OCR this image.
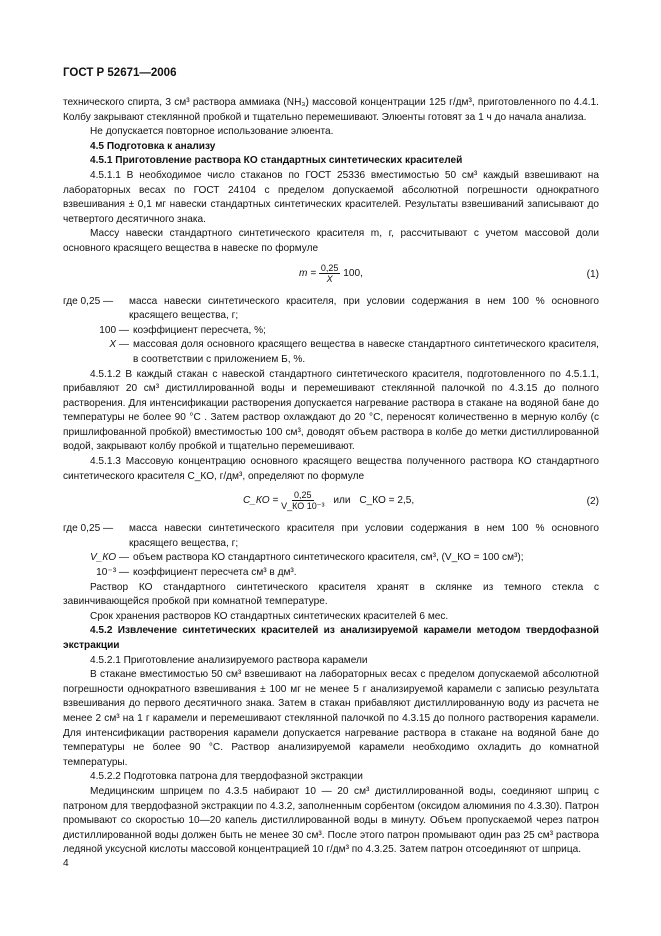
ГОСТ Р 52671—2006

технического спирта, 3 см³ раствора аммиака (NH₃) массовой концентрации 125 г/дм³, приготовленного по 4.4.1. Колбу закрывают стеклянной пробкой и тщательно перемешивают. Элюенты готовят за 1 ч до начала анализа.

Не допускается повторное использование элюента.

4.5 Подготовка к анализу

4.5.1 Приготовление раствора КО стандартных синтетических красителей

4.5.1.1 В необходимое число стаканов по ГОСТ 25336 вместимостью 50 см³ каждый взвешивают на лабораторных весах по ГОСТ 24104 с пределом допускаемой абсолютной погрешности однократного взвешивания ± 0,1 мг навески стандартных синтетических красителей. Результаты взвешиваний записывают до четвертого десятичного знака.

Массу навески стандартного синтетического красителя m, г, рассчитывают с учетом массовой доли основного красящего вещества в навеске по формуле

$m = \frac{0,25}{X} 100$,	(1)
где 0,25 —	масса навески синтетического красителя, при условии содержания в нем 100 % основного красящего вещества, г;
100 — коэффициент пересчета, %;
X — массовая доля основного красящего вещества в навеске стандартного синтетического красителя, в соответствии с приложением Б, %.

4.5.1.2 В каждый стакан с навеской стандартного синтетического красителя, подготовленного по 4.5.1.1, прибавляют 20 см³ дистиллированной воды и перемешивают стеклянной палочкой по 4.3.15 до полного растворения. Для интенсификации растворения допускается нагревание раствора в стакане на водяной бане до температуры не более 90 °С . Затем раствор охлаждают до 20 °С, переносят количественно в мерную колбу (с пришлифованной пробкой) вместимостью 100 см³, доводят объем раствора в колбе до метки дистиллированной водой, закрывают колбу пробкой и тщательно перемешивают.

4.5.1.3 Массовую концентрацию основного красящего вещества полученного раствора КО стандартного синтетического красителя C_КО, г/дм³, определяют по формуле

C_КО = $\frac{0,25}{\text{V\_КО 10⁻³}}$ или C_КО = 2,5,	(2)
где 0,25 —	масса навески синтетического красителя при условии содержания в нем 100 % основного красящего вещества, г;
V_КО — объем раствора КО стандартного синтетического красителя, см³, (V_КО = 100 см³);
10⁻³ — коэффициент пересчета см³ в дм³.

Раствор КО стандартного синтетического красителя хранят в склянке из темного стекла с завинчивающейся пробкой при комнатной температуре.

Срок хранения растворов КО стандартных синтетических красителей 6 мес.

4.5.2 Извлечение синтетических красителей из анализируемой карамели методом твердофазной экстракции

4.5.2.1 Приготовление анализируемого раствора карамели

В стакане вместимостью 50 см³ взвешивают на лабораторных весах с пределом допускаемой абсолютной погрешности однократного взвешивания ± 100 мг не менее 5 г анализируемой карамели с записью результата взвешивания до первого десятичного знака. Затем в стакан прибавляют дистиллированную воду из расчета не менее 2 см³ на 1 г карамели и перемешивают стеклянной палочкой по 4.3.15 до полного растворения карамели. Для интенсификации растворения карамели допускается нагревание раствора в стакане на водяной бане до температуры не более 90 °С. Раствор анализируемой карамели необходимо охладить до комнатной температуры.

4.5.2.2 Подготовка патрона для твердофазной экстракции

Медицинским шприцем по 4.3.5 набирают 10 — 20 см³ дистиллированной воды, соединяют шприц с патроном для твердофазной экстракции по 4.3.2, заполненным сорбентом (оксидом алюминия по 4.3.30). Патрон промывают со скоростью 10—20 капель дистиллированной воды в минуту. Объем пропускаемой через патрон дистиллированной воды должен быть не менее 30 см³. После этого патрон промывают один раз 25 см³ раствора ледяной уксусной кислоты массовой концентрацией 10 г/дм³ по 4.3.25. Затем патрон отсоединяют от шприца.

4
